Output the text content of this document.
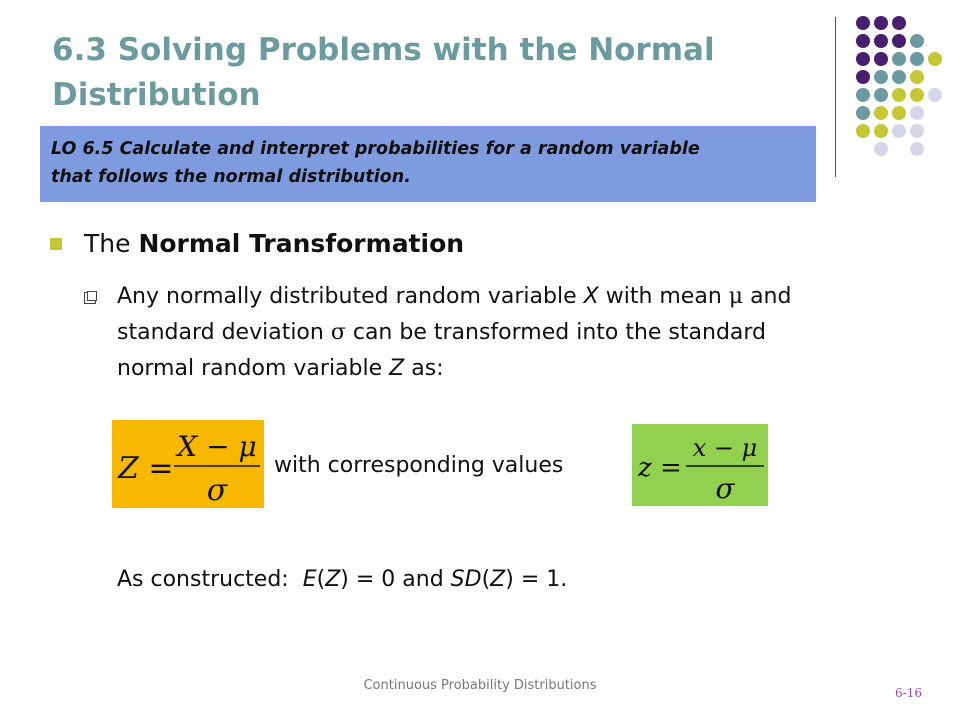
6.3 Solving Problems with the Normal
Distribution
LO 6.5 Calculate and interpret probabilities for a random variable
that follows the normal distribution.
The Normal Transformation
Any normally distributed random variable X with mean μ and
standard deviation σ can be transformed into the standard
normal random variable Z as:
Z =
X − μ
σ
with corresponding values	z =
x − μ
σ
As constructed:  E(Z) = 0 and SD(Z) = 1.
Continuous Probability Distributions	6-16
